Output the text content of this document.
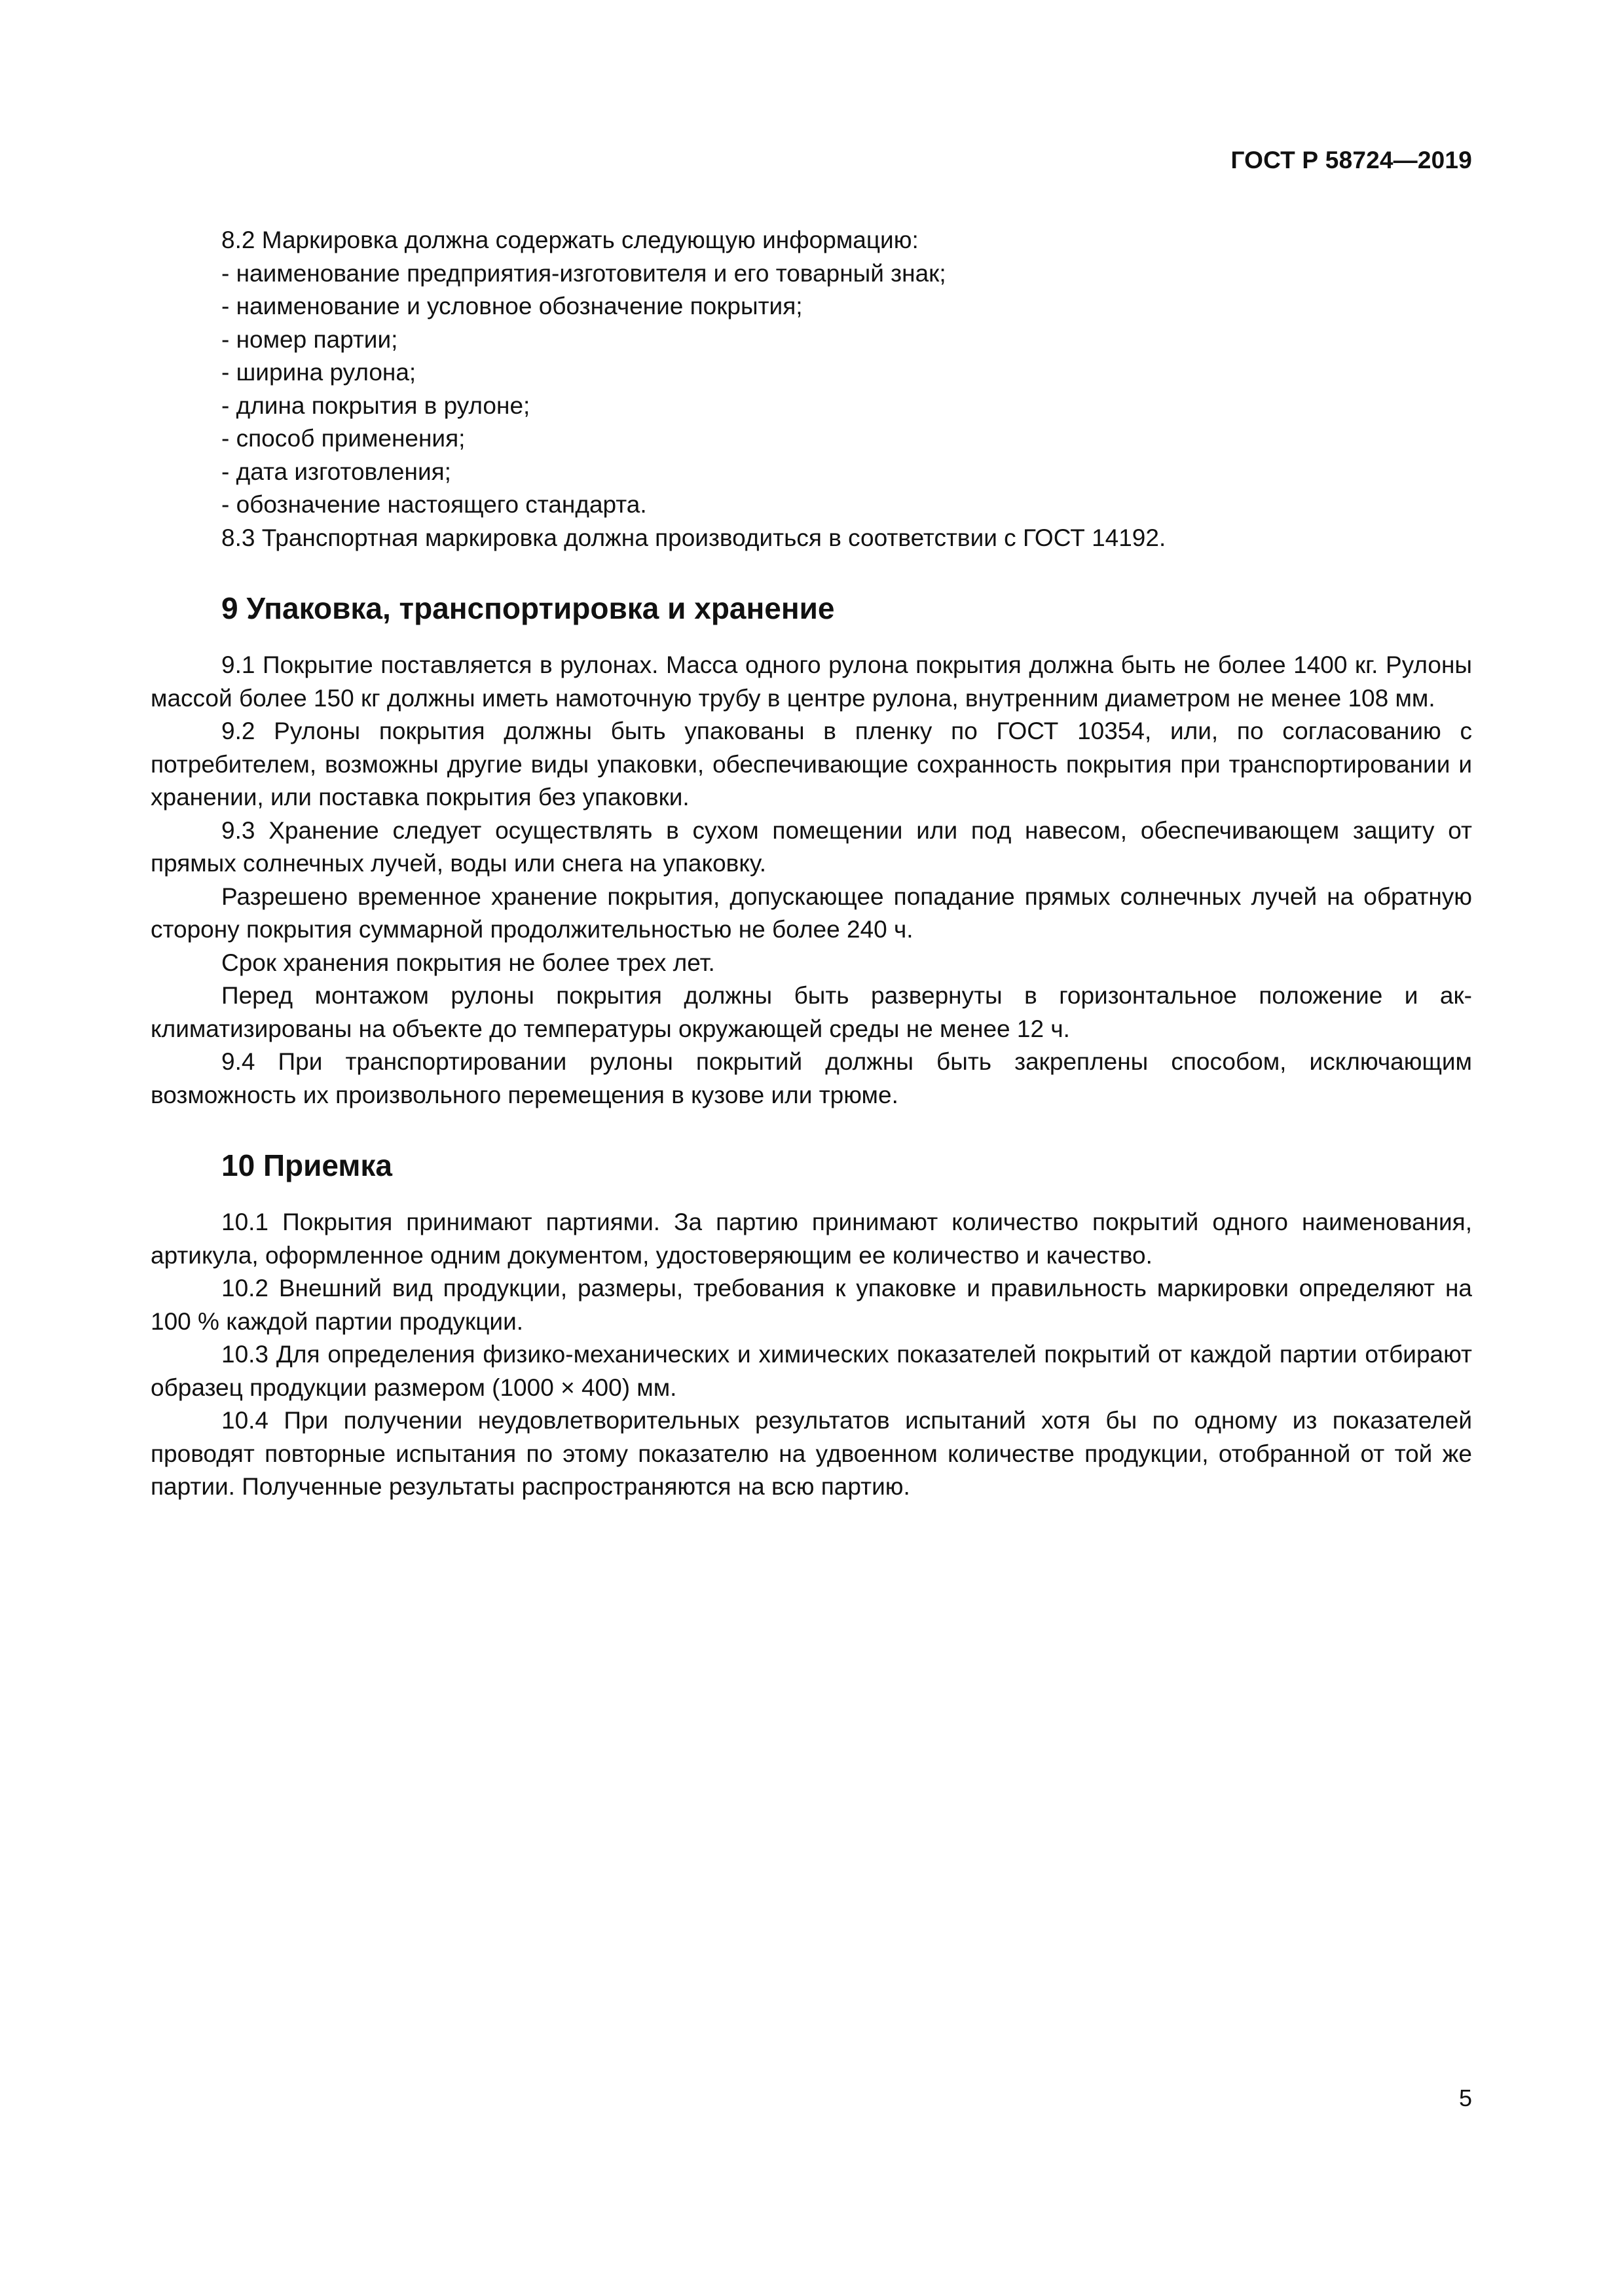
ГОСТ Р 58724—2019
8.2 Маркировка должна содержать следующую информацию:
- наименование предприятия-изготовителя и его товарный знак;
- наименование и условное обозначение покрытия;
- номер партии;
- ширина рулона;
- длина покрытия в рулоне;
- способ применения;
- дата изготовления;
- обозначение настоящего стандарта.
8.3 Транспортная маркировка должна производиться в соответствии с ГОСТ 14192.
9 Упаковка, транспортировка и хранение

9.1 Покрытие поставляется в рулонах. Масса одного рулона покрытия должна быть не более 1400 кг. Рулоны массой более 150 кг должны иметь намоточную трубу в центре рулона, внутренним диаметром не менее 108 мм.

9.2 Рулоны покрытия должны быть упакованы в пленку по ГОСТ 10354, или, по согласованию с потребителем, возможны другие виды упаковки, обеспечивающие сохранность покрытия при транспортировании и хранении, или поставка покрытия без упаковки.

9.3 Хранение следует осуществлять в сухом помещении или под навесом, обеспечивающем защиту от прямых солнечных лучей, воды или снега на упаковку.

Разрешено временное хранение покрытия, допускающее попадание прямых солнечных лучей на обратную сторону покрытия суммарной продолжительностью не более 240 ч.

Срок хранения покрытия не более трех лет.

Перед монтажом рулоны покрытия должны быть развернуты в горизонтальное положение и акклиматизированы на объекте до температуры окружающей среды не менее 12 ч.

9.4 При транспортировании рулоны покрытий должны быть закреплены способом, исключающим возможность их произвольного перемещения в кузове или трюме.

10 Приемка

10.1 Покрытия принимают партиями. За партию принимают количество покрытий одного наименования, артикула, оформленное одним документом, удостоверяющим ее количество и качество.

10.2 Внешний вид продукции, размеры, требования к упаковке и правильность маркировки определяют на 100 % каждой партии продукции.

10.3 Для определения физико-механических и химических показателей покрытий от каждой партии отбирают образец продукции размером (1000 × 400) мм.

10.4 При получении неудовлетворительных результатов испытаний хотя бы по одному из показателей проводят повторные испытания по этому показателю на удвоенном количестве продукции, отобранной от той же партии. Полученные результаты распространяются на всю партию.

5
